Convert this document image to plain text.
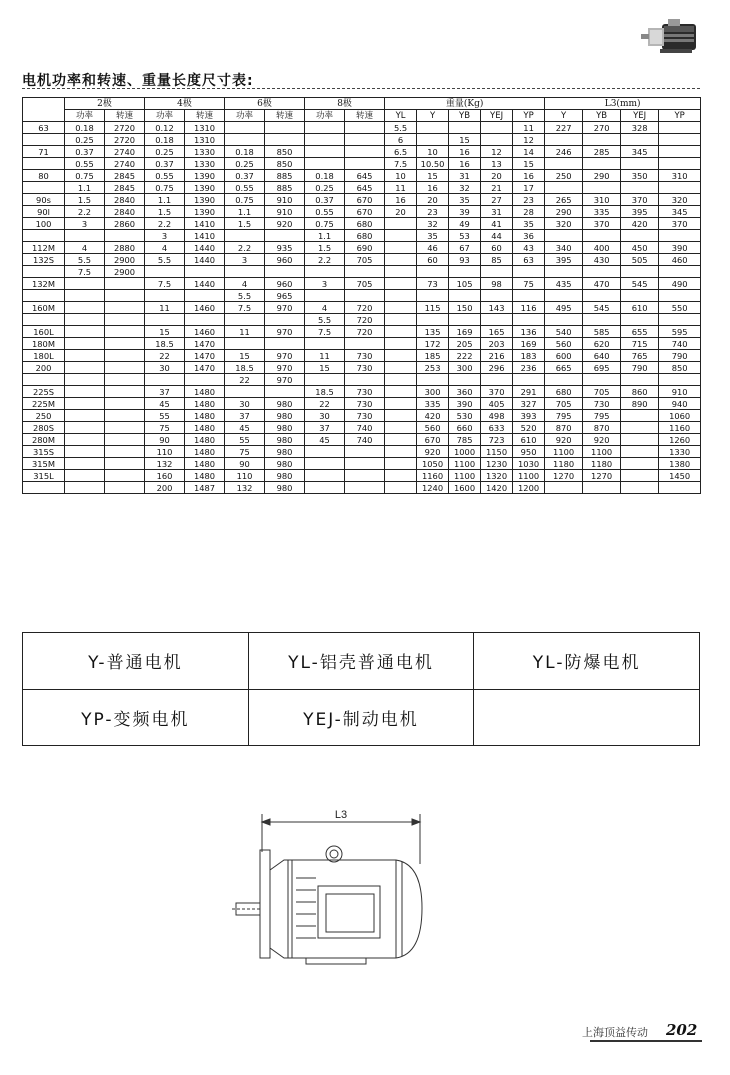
电机功率和转速、重量长度尺寸表:
	2极		4极		6极		8极		重量(Kg)					L3(mm)			
	功率	转速	功率	转速	功率	转速	功率	转速	YL	Y	YB	YEJ	YP	Y	YB	YEJ	YP
63	0.18	2720	0.12	1310					5.5				11	227	270	328	
	0.25	2720	0.18	1310					6		15		12				
71	0.37	2740	0.25	1330	0.18	850			6.5	10	16	12	14	246	285	345	
	0.55	2740	0.37	1330	0.25	850			7.5	10.50	16	13	15				
80	0.75	2845	0.55	1390	0.37	885	0.18	645	10	15	31	20	16	250	290	350	310
	1.1	2845	0.75	1390	0.55	885	0.25	645	11	16	32	21	17				
90s	1.5	2840	1.1	1390	0.75	910	0.37	670	16	20	35	27	23	265	310	370	320
90l	2.2	2840	1.5	1390	1.1	910	0.55	670	20	23	39	31	28	290	335	395	345
100	3	2860	2.2	1410	1.5	920	0.75	680		32	49	41	35	320	370	420	370
			3	1410			1.1	680		35	53	44	36				
112M	4	2880	4	1440	2.2	935	1.5	690		46	67	60	43	340	400	450	390
132S	5.5	2900	5.5	1440	3	960	2.2	705		60	93	85	63	395	430	505	460
	7.5	2900															
132M			7.5	1440	4	960	3	705		73	105	98	75	435	470	545	490
					5.5	965											
160M			11	1460	7.5	970	4	720		115	150	143	116	495	545	610	550
							5.5	720									
160L			15	1460	11	970	7.5	720		135	169	165	136	540	585	655	595
180M			18.5	1470						172	205	203	169	560	620	715	740
180L			22	1470	15	970	11	730		185	222	216	183	600	640	765	790
200			30	1470	18.5	970	15	730		253	300	296	236	665	695	790	850
					22	970											
225S			37	1480			18.5	730		300	360	370	291	680	705	860	910
225M			45	1480	30	980	22	730		335	390	405	327	705	730	890	940
250			55	1480	37	980	30	730		420	530	498	393	795	795		1060
280S			75	1480	45	980	37	740		560	660	633	520	870	870		1160
280M			90	1480	55	980	45	740		670	785	723	610	920	920		1260
315S			110	1480	75	980				920	1000	1150	950	1100	1100		1330
315M			132	1480	90	980				1050	1100	1230	1030	1180	1180		1380
315L			160	1480	110	980				1160	1100	1320	1100	1270	1270		1450
			200	1487	132	980				1240	1600	1420	1200				
Y-普通电机	YL-铝壳普通电机	YL-防爆电机
YP-变频电机	YEJ-制动电机	
L3
上海顶益传动 202
